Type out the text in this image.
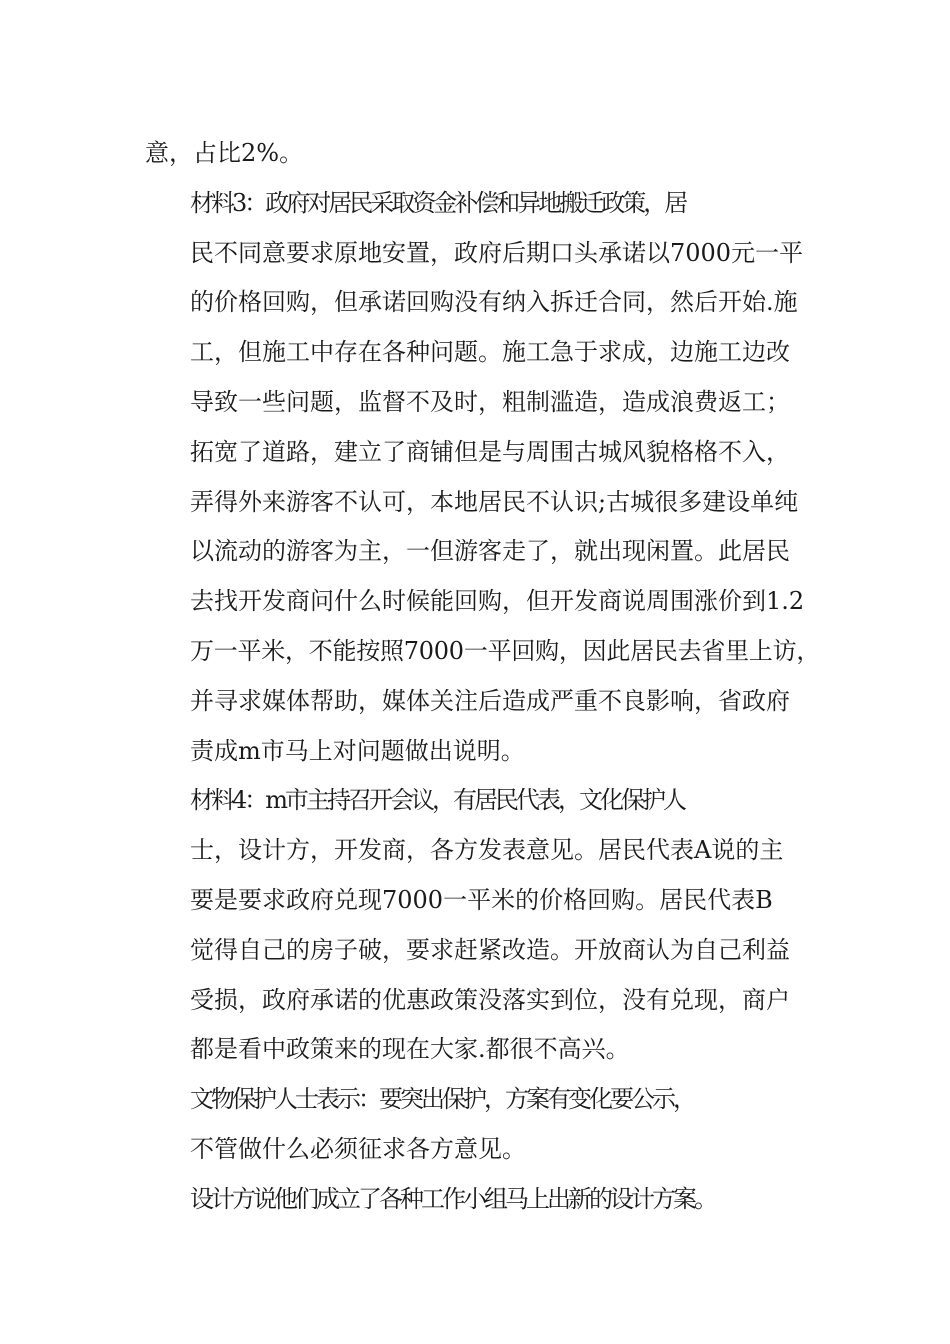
意，占比2%。

材料3：政府对居民采取资金补偿和异地搬迁政策，居
民不同意要求原地安置，政府后期口头承诺以7000元一平
的价格回购，但承诺回购没有纳入拆迁合同，然后开始.施
工，但施工中存在各种问题。施工急于求成，边施工边改
导致一些问题，监督不及时，粗制滥造，造成浪费返工；
拓宽了道路，建立了商铺但是与周围古城风貌格格不入，
弄得外来游客不认可，本地居民不认识;古城很多建设单纯
以流动的游客为主，一但游客走了，就出现闲置。此居民
去找开发商问什么时候能回购，但开发商说周围涨价到1.2
万一平米，不能按照7000一平回购，因此居民去省里上访，
并寻求媒体帮助，媒体关注后造成严重不良影响，省政府
责成m市马上对问题做出说明。

材料4：m市主持召开会议，有居民代表，文化保护人
士，设计方，开发商，各方发表意见。居民代表A说的主
要是要求政府兑现7000一平米的价格回购。居民代表B
觉得自己的房子破，要求赶紧改造。开放商认为自己利益
受损，政府承诺的优惠政策没落实到位，没有兑现，商户
都是看中政策来的现在大家.都很不高兴。

文物保护人士表示：要突出保护，方案有变化要公示，
不管做什么必须征求各方意见。

设计方说他们成立了各种工作小组马上出新的设计方案。
